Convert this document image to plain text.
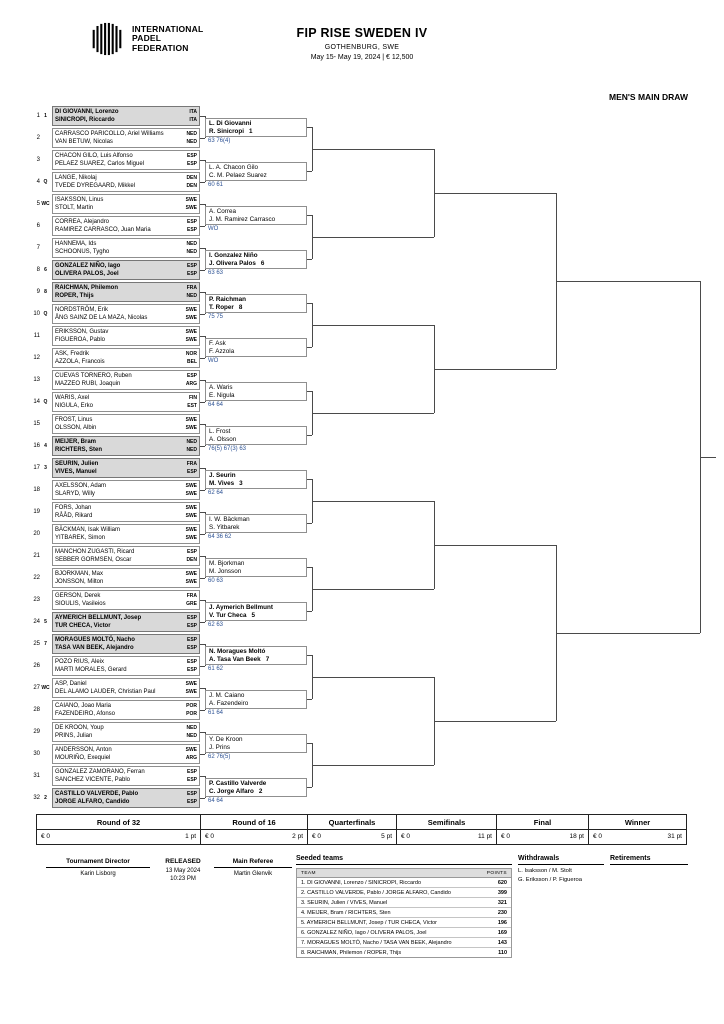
INTERNATIONAL
PADEL
FEDERATION
FIP RISE SWEDEN IV
GOTHENBURG, SWE
May 15- May 19, 2024 | € 12,500
MEN'S MAIN DRAW
1 1
DI GIOVANNI, Lorenzo	ITA
SINICROPI, Riccardo	ITA
2
CARRASCO PARICOLLO, Ariel Williams	NED
VAN BETUW, Nicolas	NED
3
CHACON GILO, Luis Alfonso	ESP
PELAEZ SUAREZ, Carlos Miguel	ESP
4 Q
LANGE, Nikolaj	DEN
TVEDE DYREGAARD, Mikkel	DEN
5 WC
ISAKSSON, Linus	SWE
STOLT, Martin	SWE
6
CORREA, Alejandro	ESP
RAMIREZ CARRASCO, Juan Maria	ESP
7
HANNEMA, Ids	NED
SCHOONUS, Tygho	NED
8 6
GONZALEZ NIÑO, Iago	ESP
OLIVERA PALOS, Joel	ESP
9 8
RAICHMAN, Philemon	FRA
ROPER, Thijs	NED
10 Q
NORDSTRÖM, Erik	SWE
ÅNG SAINZ DE LA MAZA, Nicolas	SWE
11
ERIKSSON, Gustav	SWE
FIGUEROA, Pablo	SWE
12
ASK, Fredrik	NOR
AZZOLA, Francois	BEL
13
CUEVAS TORNERO, Ruben	ESP
MAZZEO RUBI, Joaquin	ARG
14 Q
WARIS, Axel	FIN
NIGULA, Erko	EST
15
FROST, Linus	SWE
OLSSON, Albin	SWE
16 4
MEIJER, Bram	NED
RICHTERS, Sten	NED
17 3
SEURIN, Julien	FRA
VIVES, Manuel	ESP
18
AXELSSON, Adam	SWE
SLARYD, Willy	SWE
19
FORS, Johan	SWE
RÅÅD, Rikard	SWE
20
BÄCKMAN, Isak William	SWE
YITBAREK, Simon	SWE
21
MANCHON ZUGASTI, Ricard	ESP
SEBBER GORMSEN, Oscar	DEN
22
BJORKMAN, Max	SWE
JONSSON, Milton	SWE
23
GERSON, Derek	FRA
SIOULIS, Vasileios	GRE
24 5
AYMERICH BELLMUNT, Josep	ESP
TUR CHECA, Victor	ESP
25 7
MORAGUES MOLTÓ, Nacho	ESP
TASA VAN BEEK, Alejandro	ESP
26
POZO RIUS, Aleix	ESP
MARTI MORALES, Gerard	ESP
27 WC
ASP, Daniel	SWE
DEL ALAMO LAUDER, Christian Paul	SWE
28
CAIANO, Joao Maria	POR
FAZENDEIRO, Afonso	POR
29
DE KROON, Youp	NED
PRINS, Julian	NED
30
ANDERSSON, Anton	SWE
MOURIÑO, Exequiel	ARG
31
GONZALEZ ZAMORANO, Ferran	ESP
SANCHEZ VICENTE, Pablo	ESP
32 2
CASTILLO VALVERDE, Pablo	ESP
JORGE ALFARO, Candido	ESP
L. Di Giovanni
R. Sinicropi 1
63 76(4)
L. A. Chacon Gilo
C. M. Pelaez Suarez
60 61
A. Correa
J. M. Ramirez Carrasco
WO
I. Gonzalez Niño
J. Olivera Palos 6
63 63
P. Raichman
T. Roper 8
75 75
F. Ask
F. Azzola
WO
A. Waris
E. Nigula
64 64
L. Frost
A. Olsson
76(5) 67(3) 63
J. Seurin
M. Vives 3
62 64
I. W. Bäckman
S. Yitbarek
64 36 62
M. Bjorkman
M. Jonsson
60 63
J. Aymerich Bellmunt
V. Tur Checa 5
62 63
N. Moragues Moltó
A. Tasa Van Beek 7
61 62
J. M. Caiano
A. Fazendeiro
61 64
Y. De Kroon
J. Prins
62 76(5)
P. Castillo Valverde
C. Jorge Alfaro 2
64 64
Round of 32
€ 0	1 pt
Round of 16
€ 0	2 pt
Quarterfinals
€ 0	5 pt
Semifinals
€ 0	11 pt
Final
€ 0	18 pt
Winner
€ 0	31 pt
Tournament Director
Karin Lisborg
RELEASED
13 May 2024
10:23 PM
Main Referee
Martin Glenvik
Seeded teams
TEAM	POINTS
1. DI GIOVANNI, Lorenzo / SINICROPI, Riccardo	620
2. CASTILLO VALVERDE, Pablo / JORGE ALFARO, Candido	399
3. SEURIN, Julien / VIVES, Manuel	321
4. MEIJER, Bram / RICHTERS, Sten	230
5. AYMERICH BELLMUNT, Josep / TUR CHECA, Victor	196
6. GONZALEZ NIÑO, Iago / OLIVERA PALOS, Joel	169
7. MORAGUES MOLTÓ, Nacho / TASA VAN BEEK, Alejandro	143
8. RAICHMAN, Philemon / ROPER, Thijs	110
Withdrawals
L. Isaksson / M. Stolt
G. Eriksson / P. Figueroa
Retirements
